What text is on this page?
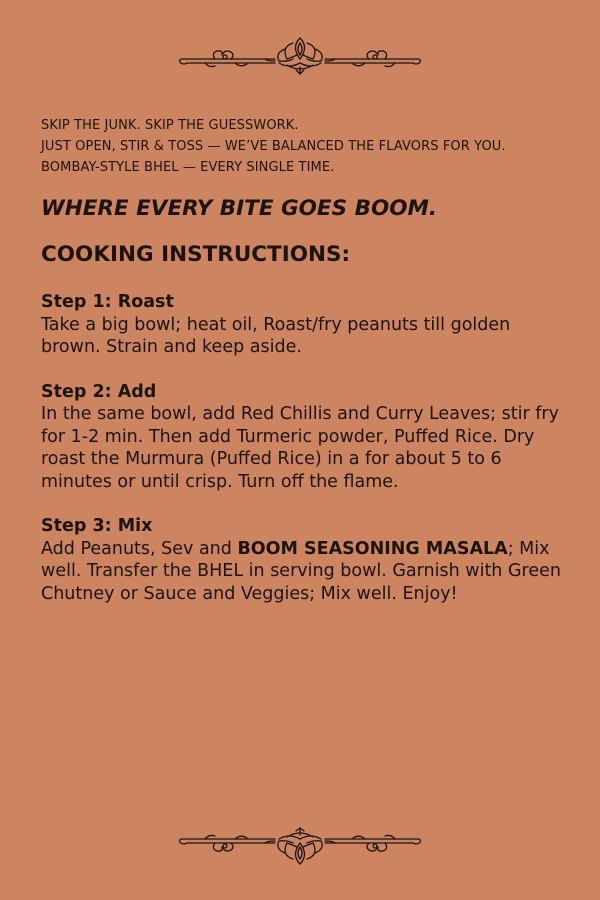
SKIP THE JUNK. SKIP THE GUESSWORK.
JUST OPEN, STIR & TOSS — WE’VE BALANCED THE FLAVORS FOR YOU.
BOMBAY-STYLE BHEL — EVERY SINGLE TIME.
WHERE EVERY BITE GOES BOOM.
COOKING INSTRUCTIONS:
Step 1: Roast
Take a big bowl; heat oil, Roast/fry peanuts till golden brown. Strain and keep aside.
Step 2: Add
In the same bowl, add Red Chillis and Curry Leaves; stir fry for 1-2 min. Then add Turmeric powder, Puffed Rice. Dry roast the Murmura (Puffed Rice) in a for about 5 to 6 minutes or until crisp. Turn off the flame.
Step 3: Mix
Add Peanuts, Sev and BOOM SEASONING MASALA; Mix well. Transfer the BHEL in serving bowl. Garnish with Green Chutney or Sauce and Veggies; Mix well. Enjoy!
